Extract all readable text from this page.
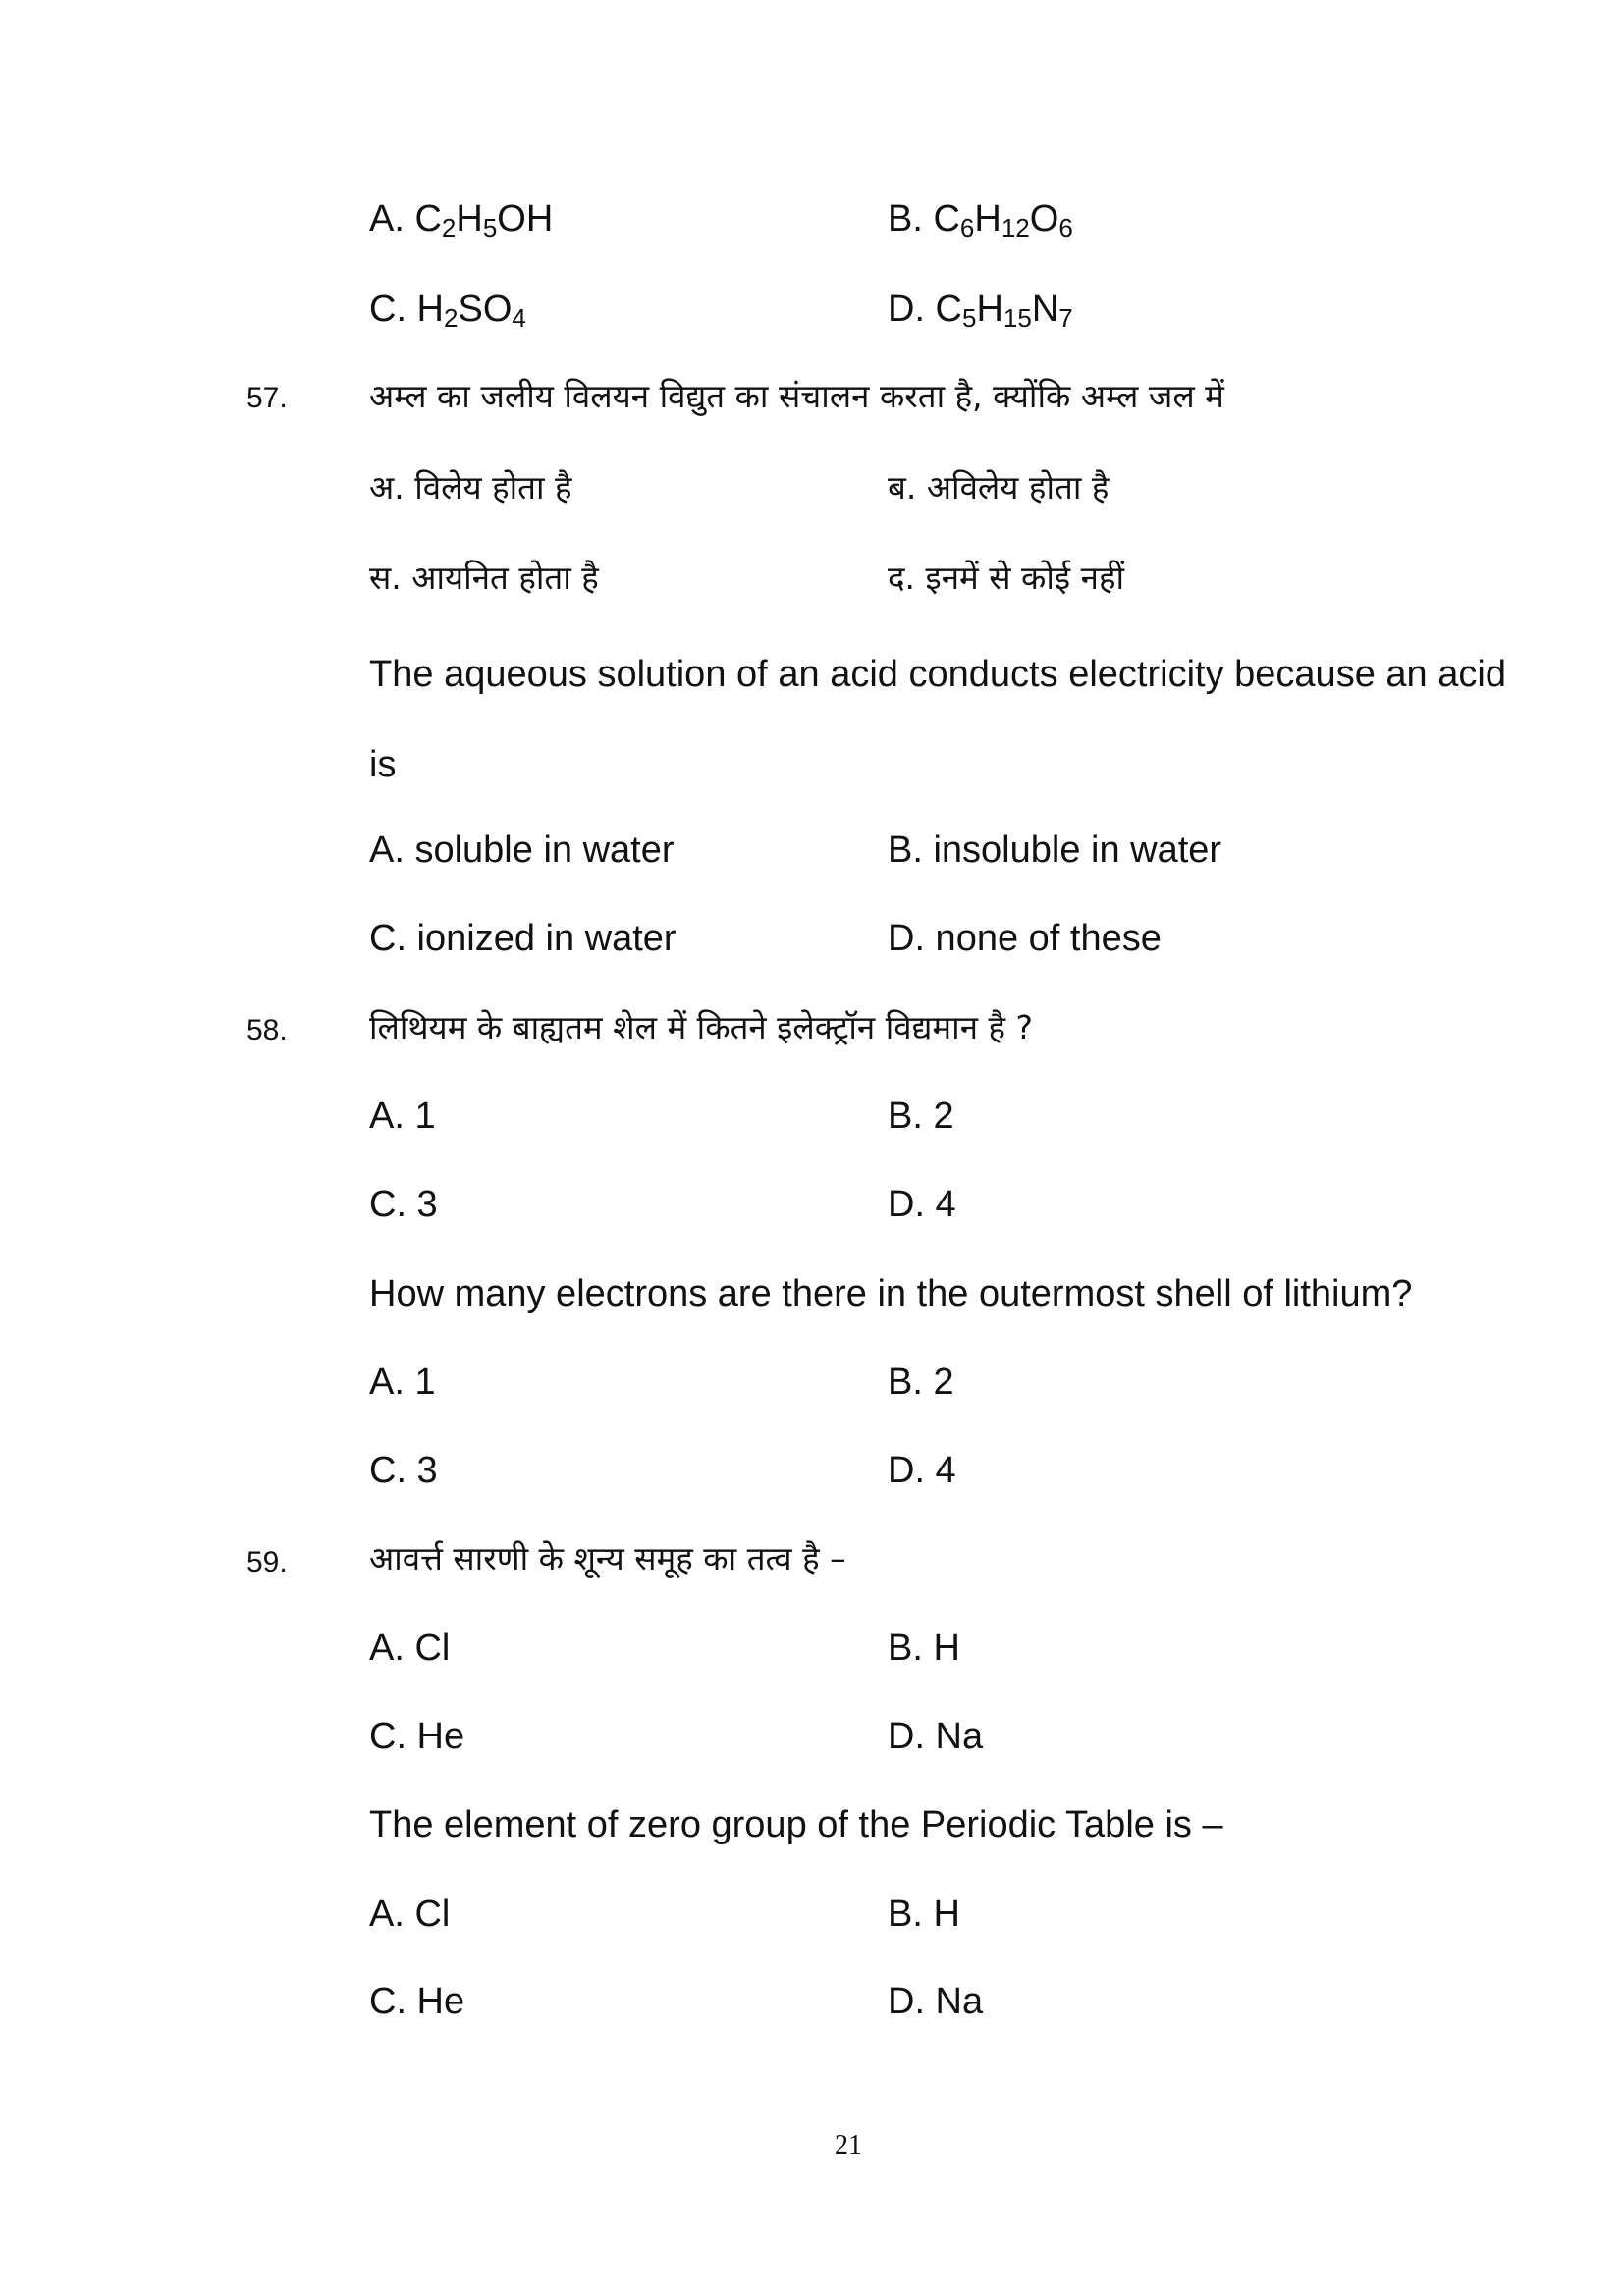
A. $C_2H_5OH$	B. $C_6H_{12}O_6$
C. $H_2SO_4$	D. $C_5H_{15}N_7$
57.	अम्ल का जलीय विलयन विद्युत का संचालन करता है, क्योंकि अम्ल जल में
अ. विलेय होता है	ब. अविलेय होता है
स. आयनित होता है	द. इनमें से कोई नहीं
The aqueous solution of an acid conducts electricity because an acid is
A. soluble in water	B. insoluble in water
C. ionized in water	D. none of these
58.	लिथियम के बाह्यतम शेल में कितने इलेक्ट्रॉन विद्यमान है ?
A. 1	B. 2
C. 3	D. 4
How many electrons are there in the outermost shell of lithium?
A. 1	B. 2
C. 3	D. 4
59.	आवर्त्त सारणी के शून्य समूह का तत्व है –
A. Cl	B. H
C. He	D. Na
The element of zero group of the Periodic Table is –
A. Cl	B. H
C. He	D. Na
21
